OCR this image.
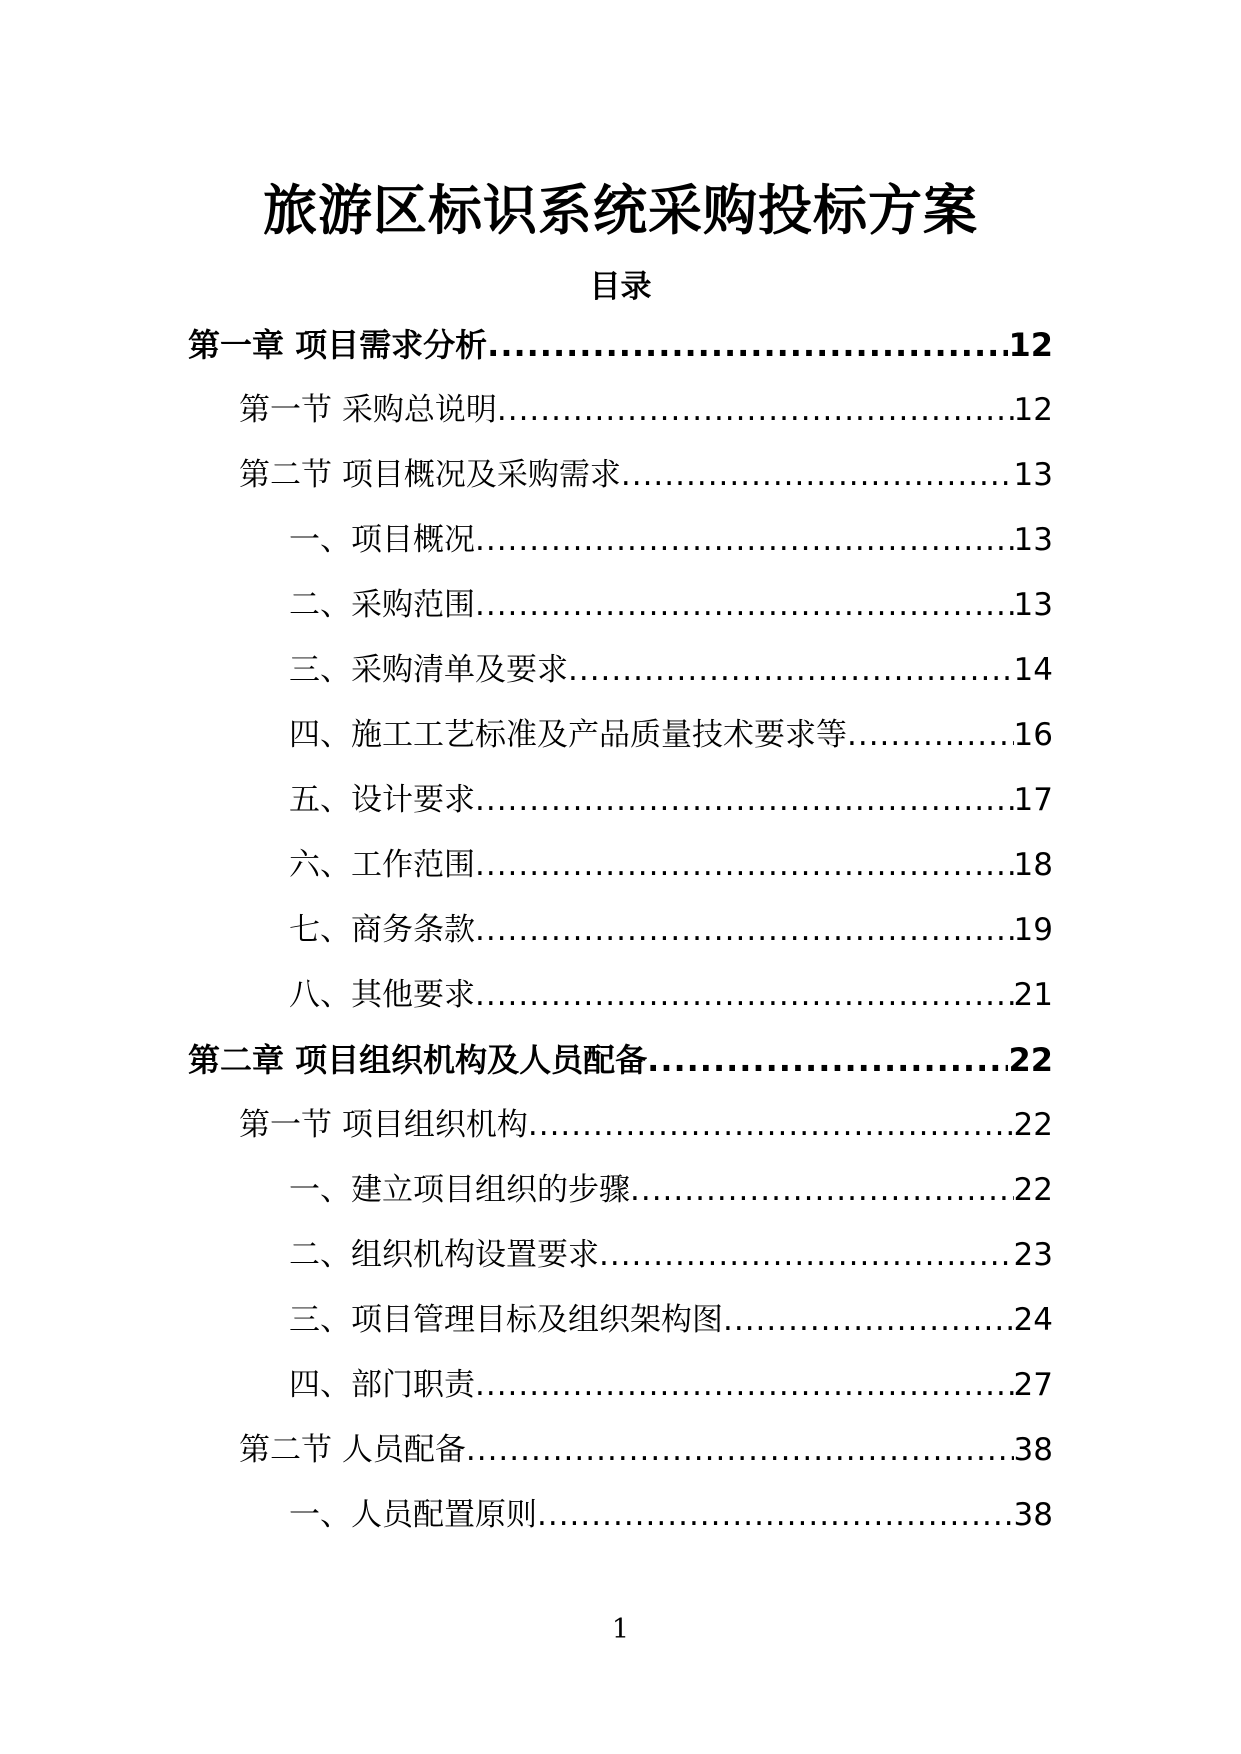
旅游区标识系统采购投标方案
目录
第一章 项目需求分析 .....	12
第一节 采购总说明 .....	12
第二节 项目概况及采购需求 .....	13
一、项目概况 .....	13
二、采购范围 .....	13
三、采购清单及要求 .....	14
四、施工工艺标准及产品质量技术要求等 .....	16
五、设计要求 .....	17
六、工作范围 .....	18
七、商务条款 .....	19
八、其他要求 .....	21
第二章 项目组织机构及人员配备 .....	22
第一节 项目组织机构 .....	22
一、建立项目组织的步骤 .....	22
二、组织机构设置要求 .....	23
三、项目管理目标及组织架构图 .....	24
四、部门职责 .....	27
第二节 人员配备 .....	38
一、人员配置原则 .....	38
1
